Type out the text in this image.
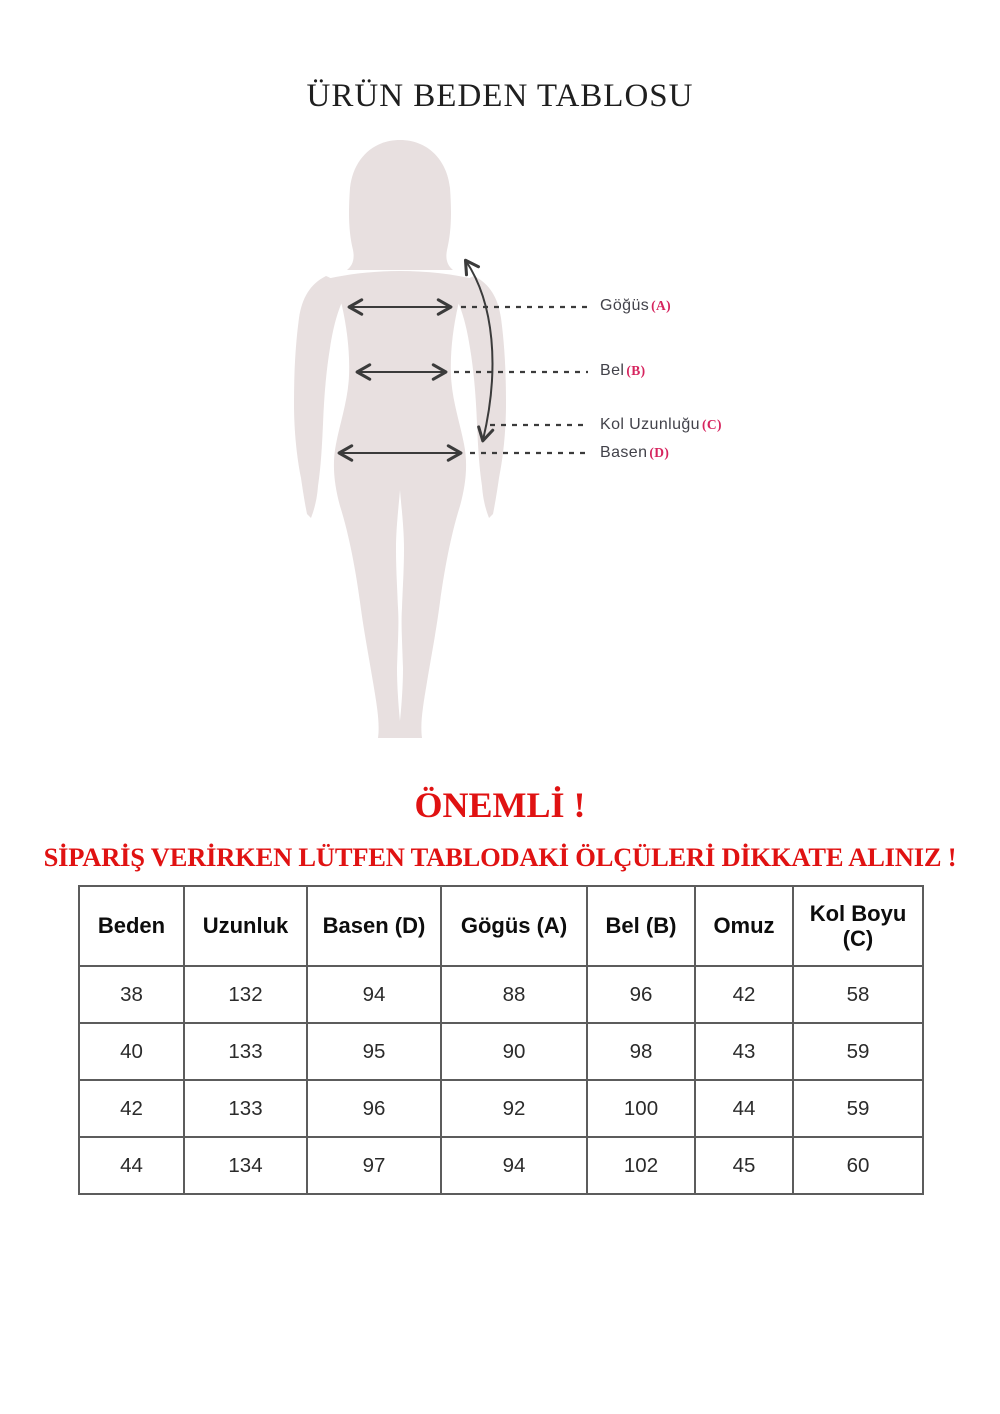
ÜRÜN BEDEN TABLOSU
Göğüs (A)
Bel (B)
Kol Uzunluğu (C)
Basen (D)
ÖNEMLİ !
SİPARİŞ VERİRKEN LÜTFEN TABLODAKİ ÖLÇÜLERİ DİKKATE ALINIZ !
Beden	Uzunluk	Basen (D)	Gögüs (A)	Bel (B)	Omuz	Kol Boyu (C)
38	132	94	88	96	42	58
40	133	95	90	98	43	59
42	133	96	92	100	44	59
44	134	97	94	102	45	60
